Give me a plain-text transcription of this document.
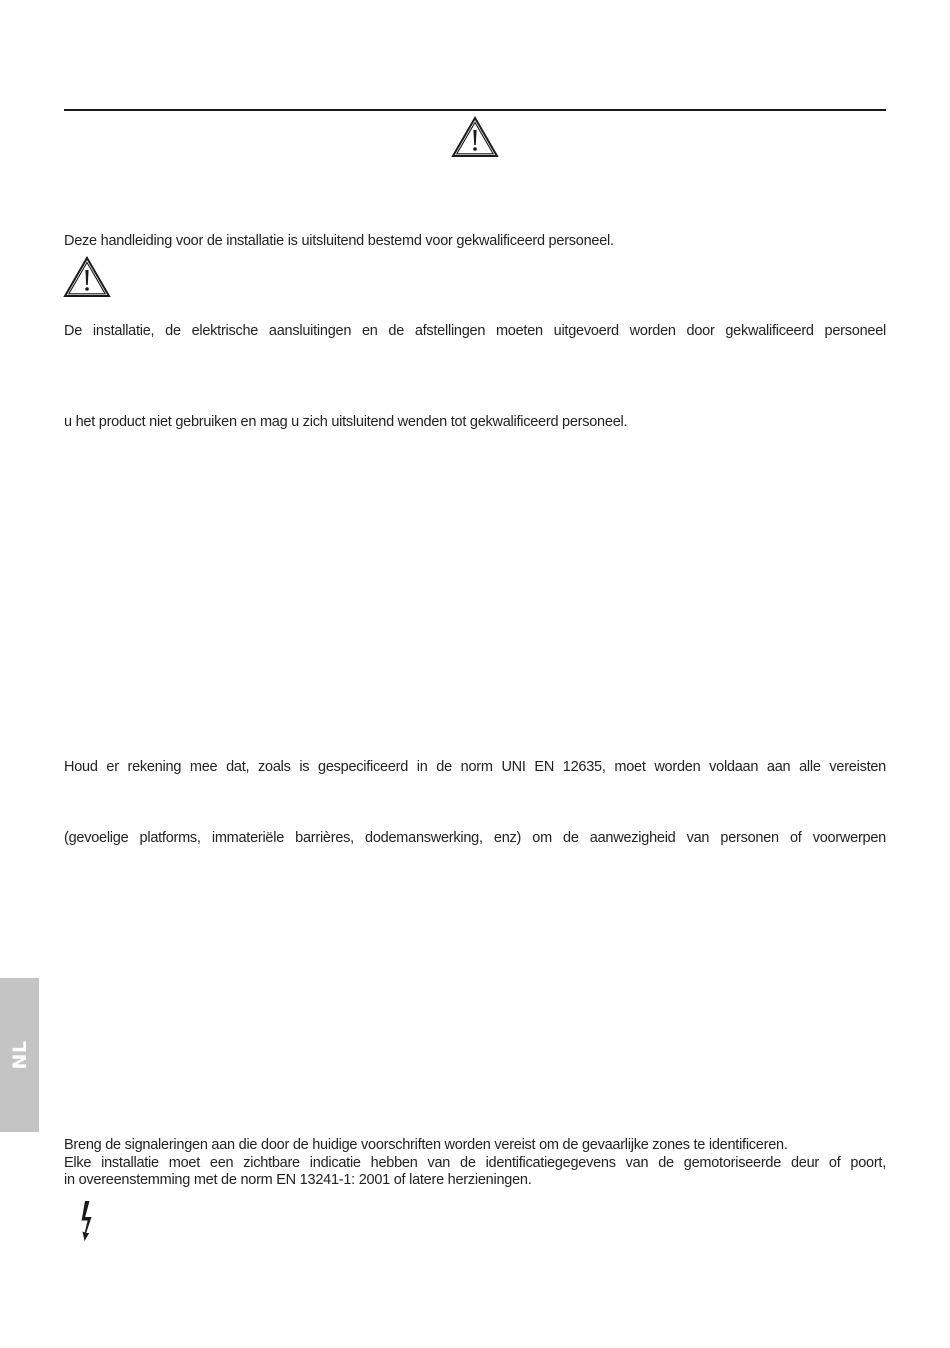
Deze handleiding voor de installatie is uitsluitend bestemd voor gekwalificeerd personeel.
De installatie, de elektrische aansluitingen en de afstellingen moeten uitgevoerd worden door gekwalificeerd personeel
u het product niet gebruiken en mag u zich uitsluitend wenden tot gekwalificeerd personeel.
Houd er rekening mee dat, zoals is gespecificeerd in de norm UNI EN 12635, moet worden voldaan aan alle vereisten
(gevoelige platforms, immateriële barrières, dodemanswerking, enz) om de aanwezigheid van personen of voorwerpen
NL
Breng de signaleringen aan die door de huidige voorschriften worden vereist om de gevaarlijke zones te identificeren.
Elke installatie moet een zichtbare indicatie hebben van de identificatiegegevens van de gemotoriseerde deur of poort,
in overeenstemming met de norm EN 13241-1: 2001 of latere herzieningen.
